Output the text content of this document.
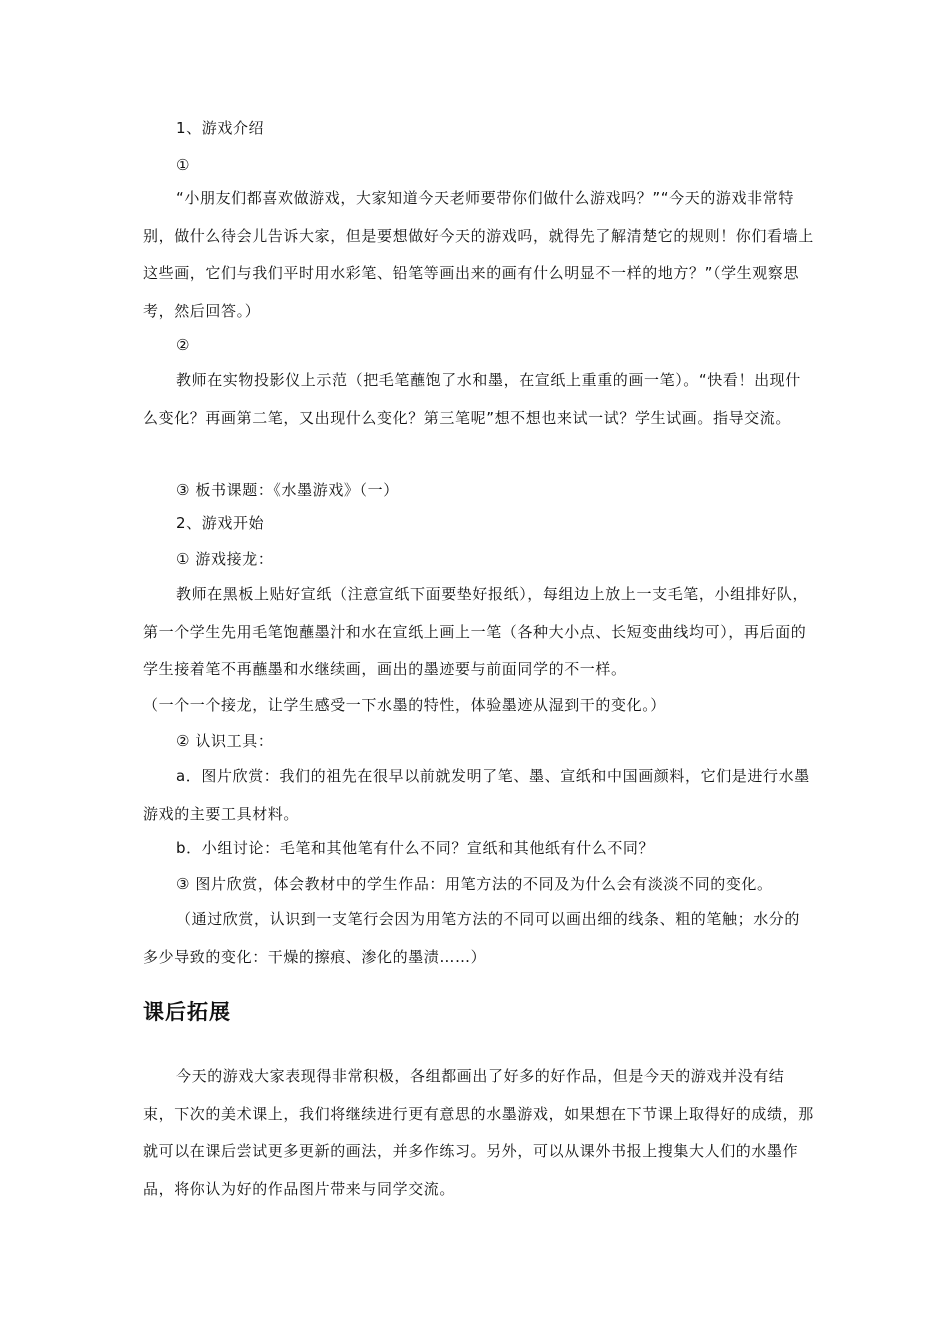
1、游戏介绍

①

“小朋友们都喜欢做游戏，大家知道今天老师要带你们做什么游戏吗？”“今天的游戏非常特别，做什么待会儿告诉大家，但是要想做好今天的游戏吗，就得先了解清楚它的规则！你们看墙上这些画，它们与我们平时用水彩笔、铅笔等画出来的画有什么明显不一样的地方？”（学生观察思考，然后回答。）

②

教师在实物投影仪上示范（把毛笔蘸饱了水和墨，在宣纸上重重的画一笔）。“快看！出现什么变化？再画第二笔，又出现什么变化？第三笔呢”想不想也来试一试？学生试画。指导交流。

③ 板书课题：《水墨游戏》（一）

2、游戏开始

① 游戏接龙：

教师在黑板上贴好宣纸（注意宣纸下面要垫好报纸），每组边上放上一支毛笔，小组排好队，第一个学生先用毛笔饱蘸墨汁和水在宣纸上画上一笔（各种大小点、长短变曲线均可），再后面的学生接着笔不再蘸墨和水继续画，画出的墨迹要与前面同学的不一样。

（一个一个接龙，让学生感受一下水墨的特性，体验墨迹从湿到干的变化。）

② 认识工具：

a．图片欣赏：我们的祖先在很早以前就发明了笔、墨、宣纸和中国画颜料，它们是进行水墨游戏的主要工具材料。

b．小组讨论：毛笔和其他笔有什么不同？宣纸和其他纸有什么不同？

③ 图片欣赏，体会教材中的学生作品：用笔方法的不同及为什么会有淡淡不同的变化。

（通过欣赏，认识到一支笔行会因为用笔方法的不同可以画出细的线条、粗的笔触；水分的多少导致的变化：干燥的擦痕、渗化的墨渍……）

课后拓展

今天的游戏大家表现得非常积极，各组都画出了好多的好作品，但是今天的游戏并没有结束，下次的美术课上，我们将继续进行更有意思的水墨游戏，如果想在下节课上取得好的成绩，那就可以在课后尝试更多更新的画法，并多作练习。另外，可以从课外书报上搜集大人们的水墨作品，将你认为好的作品图片带来与同学交流。
